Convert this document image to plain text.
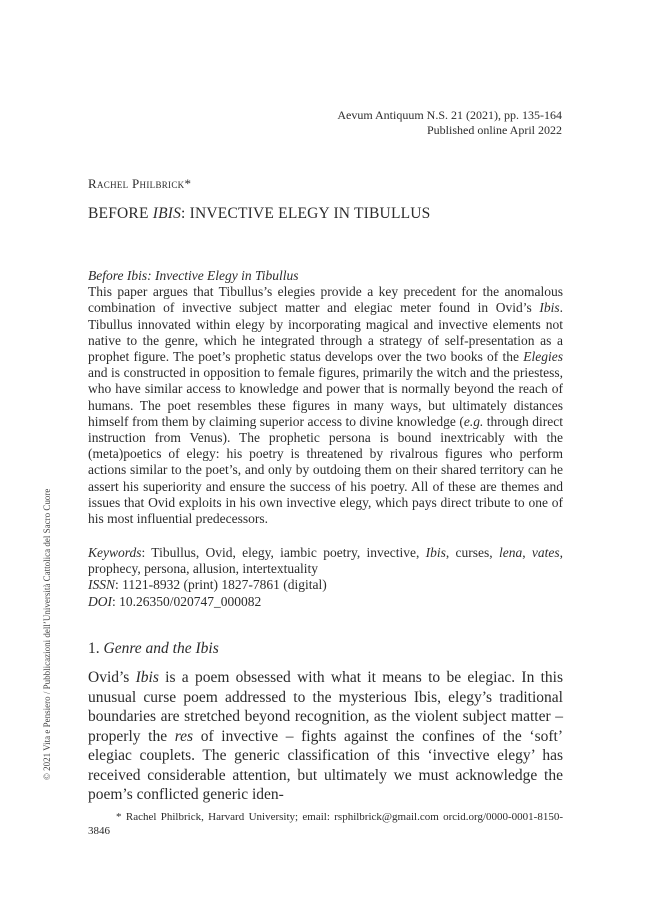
Aevum Antiquum N.S. 21 (2021), pp. 135-164
Published online April 2022
Rachel Philbrick*
BEFORE IBIS: INVECTIVE ELEGY IN TIBULLUS
Before Ibis: Invective Elegy in Tibullus
This paper argues that Tibullus’s elegies provide a key precedent for the anomalous combination of invective subject matter and elegiac meter found in Ovid’s Ibis. Tibullus innovated within elegy by incorporating magical and invective elements not native to the genre, which he integrated through a strategy of self-presentation as a prophet figure. The poet’s prophetic status develops over the two books of the Elegies and is constructed in opposition to female figures, primarily the witch and the priestess, who have similar access to knowledge and power that is normally beyond the reach of humans. The poet resembles these figures in many ways, but ultimately distances himself from them by claiming superior access to divine knowledge (e.g. through direct instruction from Venus). The prophetic persona is bound inextricably with the (meta)poetics of elegy: his poetry is threatened by rivalrous figures who perform actions similar to the poet’s, and only by outdoing them on their shared territory can he assert his superiority and ensure the success of his poetry. All of these are themes and issues that Ovid exploits in his own invective elegy, which pays direct tribute to one of his most influential predecessors.
Keywords: Tibullus, Ovid, elegy, iambic poetry, invective, Ibis, curses, lena, vates, prophecy, persona, allusion, intertextuality
ISSN: 1121-8932 (print) 1827-7861 (digital)
DOI: 10.26350/020747_000082
1. Genre and the Ibis
Ovid’s Ibis is a poem obsessed with what it means to be elegiac. In this unusual curse poem addressed to the mysterious Ibis, elegy’s traditional boundaries are stretched beyond recognition, as the violent subject matter – properly the res of invective – fights against the confines of the ‘soft’ elegiac couplets. The generic classification of this ‘invective elegy’ has received considerable attention, but ultimately we must acknowledge the poem’s conflicted generic iden-
* Rachel Philbrick, Harvard University; email: rsphilbrick@gmail.com orcid.org/0000-0001-8150-3846
© 2021 Vita e Pensiero / Pubblicazioni dell’Università Cattolica del Sacro Cuore
